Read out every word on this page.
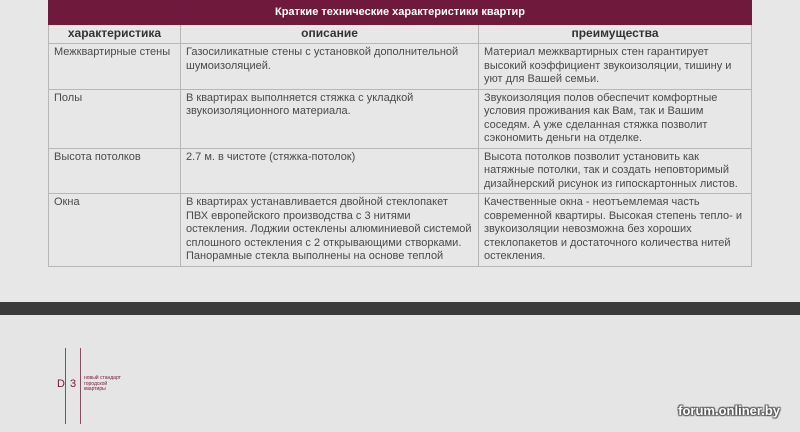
Краткие технические характеристики квартир		
характеристика	описание	преимущества
Межквартирные стены	Газосиликатные стены с установкой дополнительной шумоизоляцией.	Материал межквартирных стен гарантирует высокий коэффициент звукоизоляции, тишину и уют для Вашей семьи.
Полы	В квартирах выполняется стяжка с укладкой звукоизоляционного материала.	Звукоизоляция полов обеспечит комфортные условия проживания как Вам, так и Вашим соседям. А уже сделанная стяжка позволит сэкономить деньги на отделке.
Высота потолков	2.7 м. в чистоте (стяжка-потолок)	Высота потолков позволит установить как натяжные потолки, так и создать неповторимый дизайнерский рисунок из гипоскартонных листов.
Окна	В квартирах устанавливается двойной стеклопакет ПВХ европейского производства с 3 нитями остекления. Лоджии остеклены алюминиевой системой сплошного остекления с 2 открывающими створками. Панорамные стекла выполнены на основе теплой	Качественные окна - неотъемлемая часть современной квартиры. Высокая степень тепло- и звукоизоляции невозможна без хороших стеклопакетов и достаточного количества нитей остекления.
D 3 новый стандарт городской квартиры
forum.onliner.by
